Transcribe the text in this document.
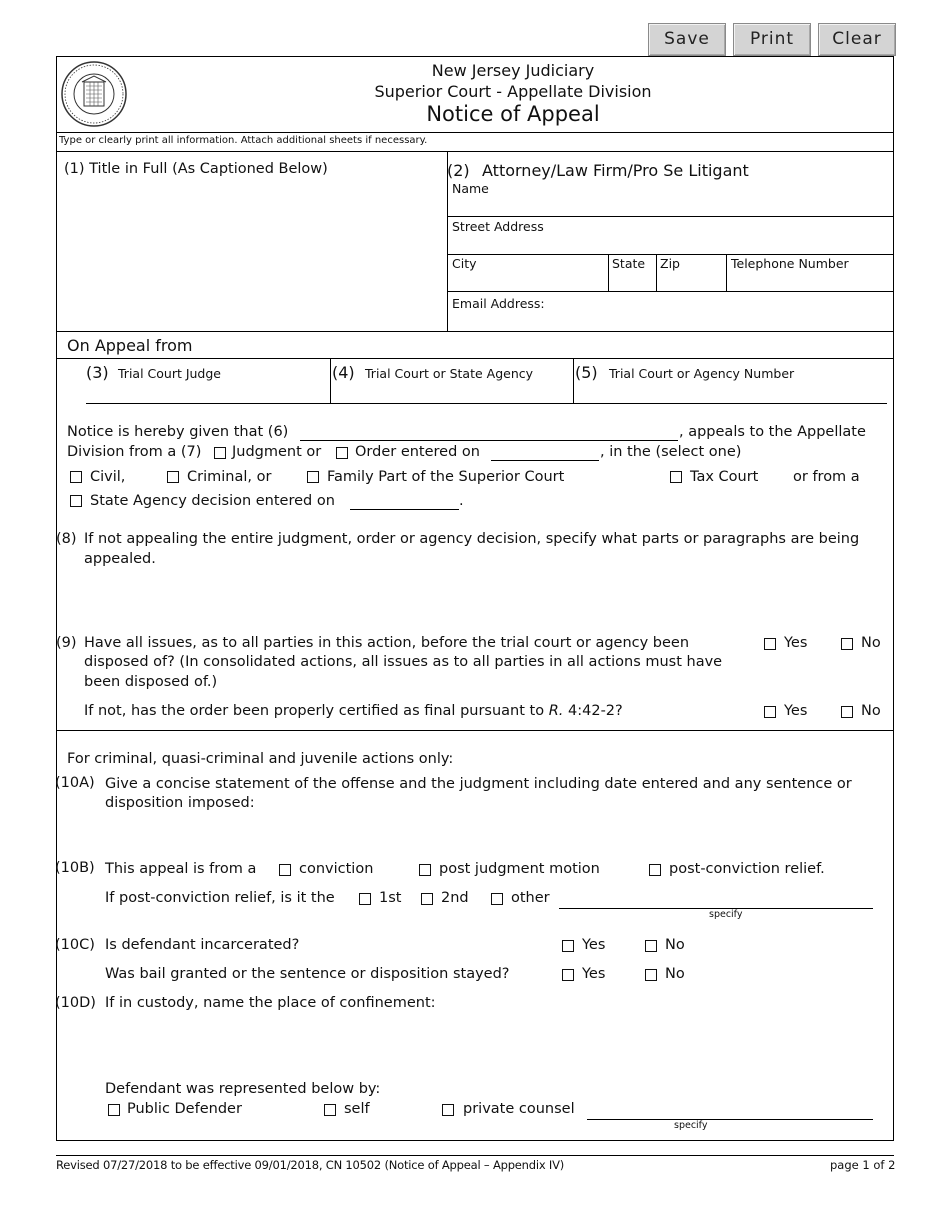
Save	Print	Clear
New Jersey Judiciary
Superior Court - Appellate Division
Notice of Appeal
Type or clearly print all information. Attach additional sheets if necessary.
(1) Title in Full (As Captioned Below)	(2) Attorney/Law Firm/Pro Se Litigant
Name
Street Address
City	State Zip	Telephone Number
Email Address:
On Appeal from
(3) Trial Court Judge	(4) Trial Court or State Agency	(5) Trial Court or Agency Number
Notice is hereby given that (6)	, appeals to the Appellate
Division from a (7) Judgment or Order entered on	, in the (select one)
Civil,	Criminal, or	Family Part of the Superior Court	Tax Court or from a
State Agency decision entered on	.
(8) If not appealing the entire judgment, order or agency decision, specify what parts or paragraphs are being
appealed.
(9) Have all issues, as to all parties in this action, before the trial court or agency been
disposed of? (In consolidated actions, all issues as to all parties in all actions must have
been disposed of.)
Yes	No
If not, has the order been properly certified as final pursuant to R. 4:42-2?	Yes	No
For criminal, quasi-criminal and juvenile actions only:
(10A) Give a concise statement of the offense and the judgment including date entered and any sentence or
disposition imposed:
(10B) This appeal is from a	conviction	post judgment motion	post-conviction relief.
If post-conviction relief, is it the	1st	2nd	other
specify
(10C) Is defendant incarcerated?	Yes	No
Was bail granted or the sentence or disposition stayed?	Yes	No
(10D) If in custody, name the place of confinement:
Defendant was represented below by:
Public Defender	self	private counsel
specify
Revised 07/27/2018 to be effective 09/01/2018, CN 10502 (Notice of Appeal – Appendix IV)	page 1 of 2
